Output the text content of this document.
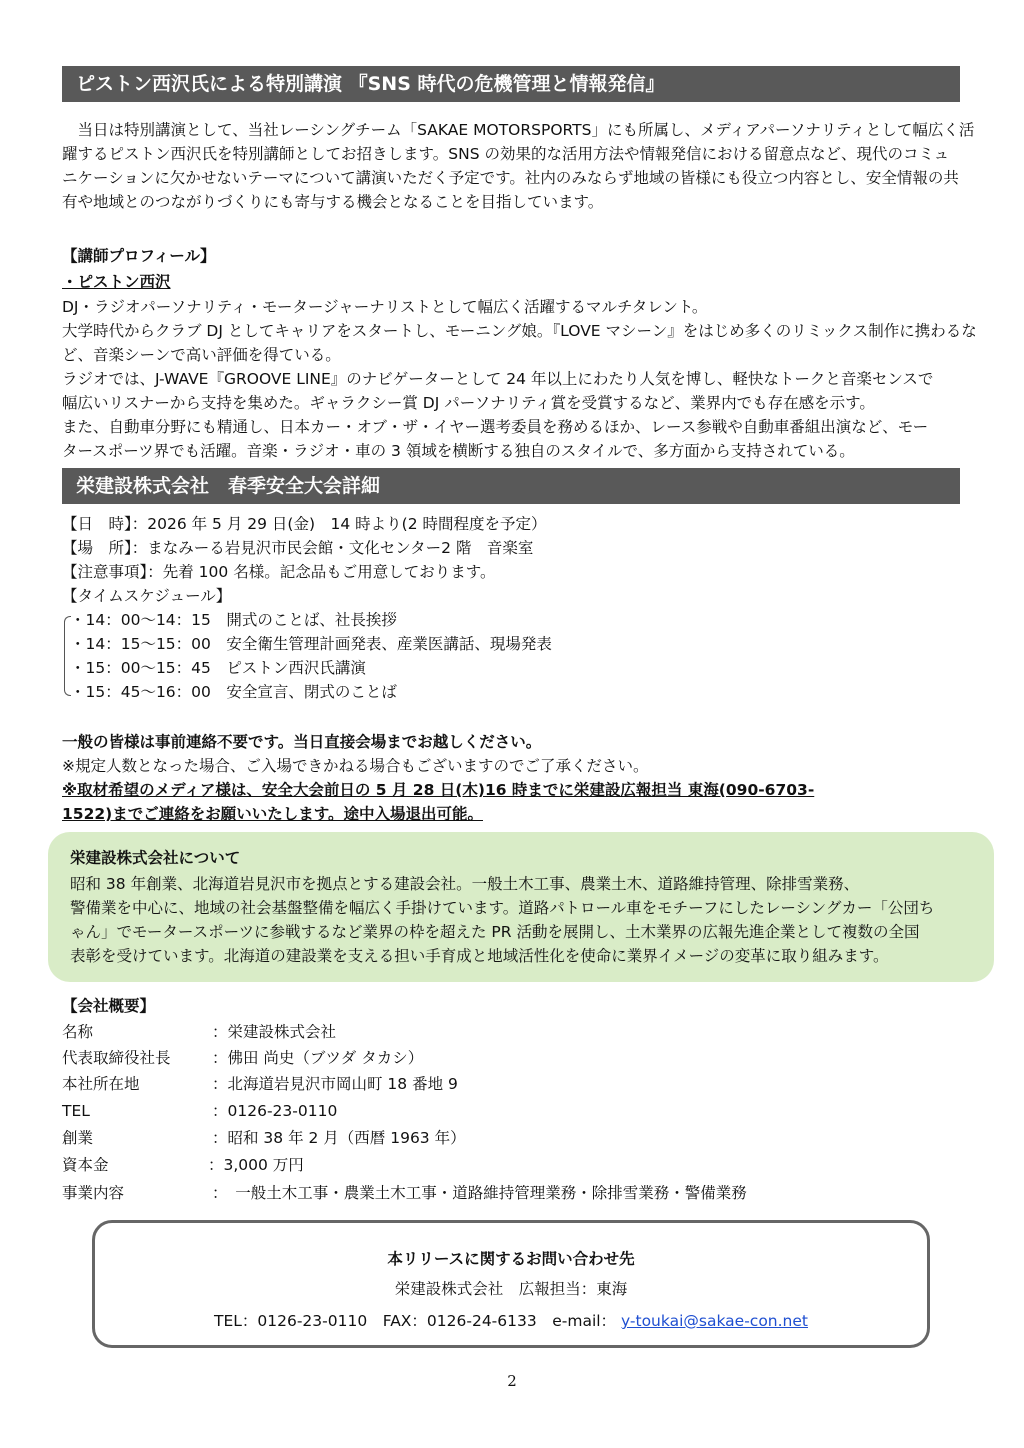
ピストン西沢氏による特別講演 『SNS 時代の危機管理と情報発信』
　当日は特別講演として、当社レーシングチーム「SAKAE MOTORSPORTS」にも所属し、メディアパーソナリティとして幅広く活
躍するピストン西沢氏を特別講師としてお招きします。SNS の効果的な活用方法や情報発信における留意点など、現代のコミュ
ニケーションに欠かせないテーマについて講演いただく予定です。社内のみならず地域の皆様にも役立つ内容とし、安全情報の共
有や地域とのつながりづくりにも寄与する機会となることを目指しています。
【講師プロフィール】
・ピストン西沢
DJ・ラジオパーソナリティ・モータージャーナリストとして幅広く活躍するマルチタレント。
大学時代からクラブ DJ としてキャリアをスタートし、モーニング娘。『LOVE マシーン』をはじめ多くのリミックス制作に携わるな
ど、音楽シーンで高い評価を得ている。
ラジオでは、J-WAVE『GROOVE LINE』のナビゲーターとして 24 年以上にわたり人気を博し、軽快なトークと音楽センスで
幅広いリスナーから支持を集めた。ギャラクシー賞 DJ パーソナリティ賞を受賞するなど、業界内でも存在感を示す。
また、自動車分野にも精通し、日本カー・オブ・ザ・イヤー選考委員を務めるほか、レース参戦や自動車番組出演など、モー
タースポーツ界でも活躍。音楽・ラジオ・車の 3 領域を横断する独自のスタイルで、多方面から支持されている。
栄建設株式会社　春季安全大会詳細
【日　時】：2026 年 5 月 29 日(金)　14 時より(2 時間程度を予定）
【場　所】：まなみーる岩見沢市民会館・文化センター2 階　音楽室
【注意事項】：先着 100 名様。記念品もご用意しております。
【タイムスケジュール】
・14：00～14：15　開式のことば、社長挨拶
・14：15～15：00　安全衛生管理計画発表、産業医講話、現場発表
・15：00～15：45　ピストン西沢氏講演
・15：45～16：00　安全宣言、閉式のことば
一般の皆様は事前連絡不要です。当日直接会場までお越しください。
※規定人数となった場合、ご入場できかねる場合もございますのでご了承ください。
※取材希望のメディア様は、安全大会前日の 5 月 28 日(木)16 時までに栄建設広報担当 東海(090-6703-
1522)までご連絡をお願いいたします。途中入場退出可能。
栄建設株式会社について
昭和 38 年創業、北海道岩見沢市を拠点とする建設会社。一般土木工事、農業土木、道路維持管理、除排雪業務、
警備業を中心に、地域の社会基盤整備を幅広く手掛けています。道路パトロール車をモチーフにしたレーシングカー「公団ち
ゃん」でモータースポーツに参戦するなど業界の枠を超えた PR 活動を展開し、土木業界の広報先進企業として複数の全国
表彰を受けています。北海道の建設業を支える担い手育成と地域活性化を使命に業界イメージの変革に取り組みます。
【会社概要】
名称	：栄建設株式会社
代表取締役社長	：佛田 尚史（ブツダ タカシ）
本社所在地	：北海道岩見沢市岡山町 18 番地 9
TEL	：0126-23-0110
創業	：昭和 38 年 2 月（西暦 1963 年）
資本金	：3,000 万円
事業内容	：　一般土木工事・農業土木工事・道路維持管理業務・除排雪業務・警備業務
本リリースに関するお問い合わせ先
栄建設株式会社　広報担当：東海
TEL：0126-23-0110　FAX：0126-24-6133　e-mail： y-toukai@sakae-con.net
2
